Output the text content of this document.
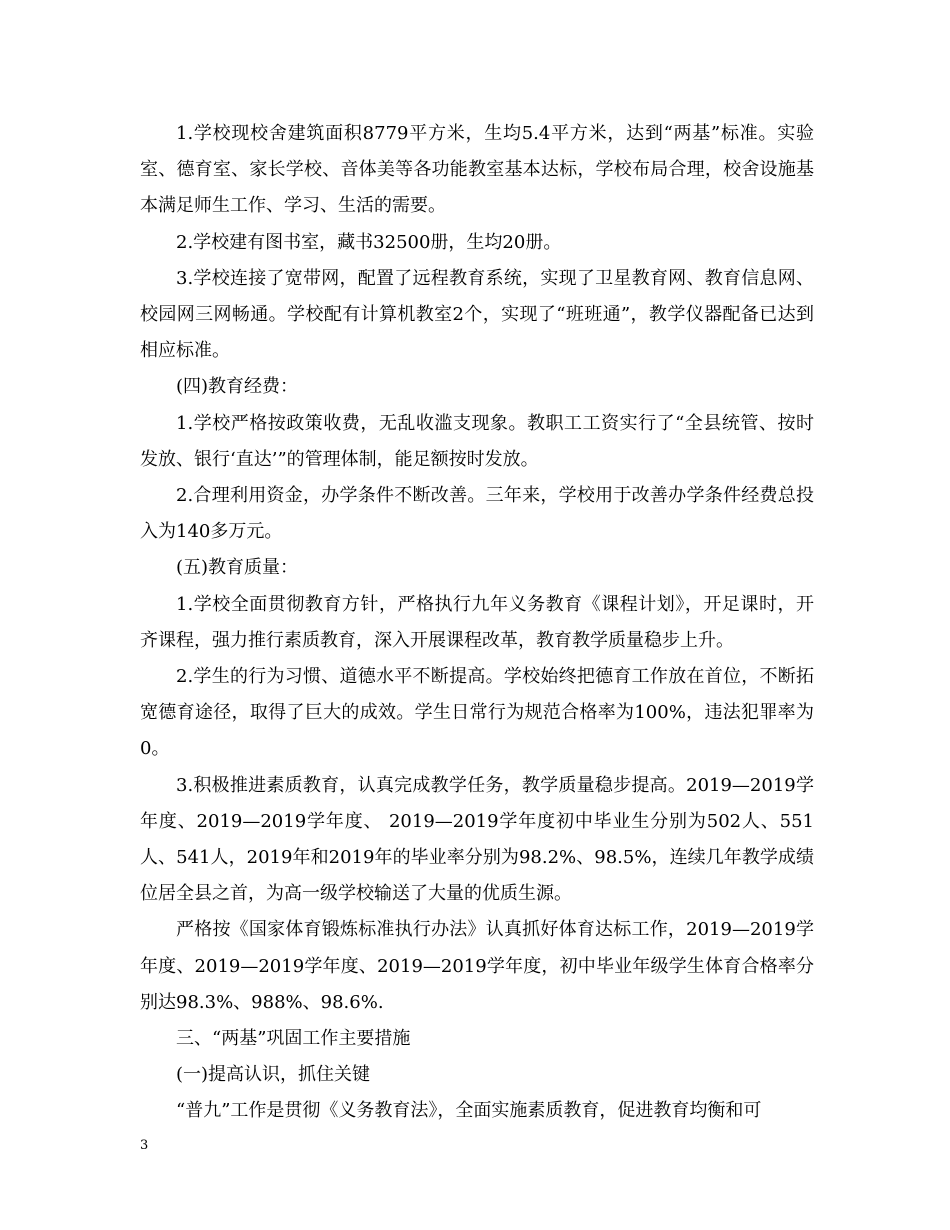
1.学校现校舍建筑面积8779平方米，生均5.4平方米，达到“两基”标准。实验室、德育室、家长学校、音体美等各功能教室基本达标，学校布局合理，校舍设施基本满足师生工作、学习、生活的需要。

2.学校建有图书室，藏书32500册，生均20册。

3.学校连接了宽带网，配置了远程教育系统，实现了卫星教育网、教育信息网、校园网三网畅通。学校配有计算机教室2个，实现了“班班通”，教学仪器配备已达到相应标准。

(四)教育经费：

1.学校严格按政策收费，无乱收滥支现象。教职工工资实行了“全县统管、按时发放、银行‘直达’”的管理体制，能足额按时发放。

2.合理利用资金，办学条件不断改善。三年来，学校用于改善办学条件经费总投入为140多万元。

(五)教育质量：

1.学校全面贯彻教育方针，严格执行九年义务教育《课程计划》，开足课时，开齐课程，强力推行素质教育，深入开展课程改革，教育教学质量稳步上升。

2.学生的行为习惯、道德水平不断提高。学校始终把德育工作放在首位，不断拓宽德育途径，取得了巨大的成效。学生日常行为规范合格率为100%，违法犯罪率为0。

3.积极推进素质教育，认真完成教学任务，教学质量稳步提高。2019—2019学年度、2019—2019学年度、 2019—2019学年度初中毕业生分别为502人、551人、541人，2019年和2019年的毕业率分别为98.2%、98.5%，连续几年教学成绩位居全县之首，为高一级学校输送了大量的优质生源。

严格按《国家体育锻炼标准执行办法》认真抓好体育达标工作，2019—2019学年度、2019—2019学年度、2019—2019学年度，初中毕业年级学生体育合格率分别达98.3%、988%、98.6%.

三、“两基”巩固工作主要措施

(一)提高认识，抓住关键

“普九”工作是贯彻《义务教育法》，全面实施素质教育，促进教育均衡和可

3
